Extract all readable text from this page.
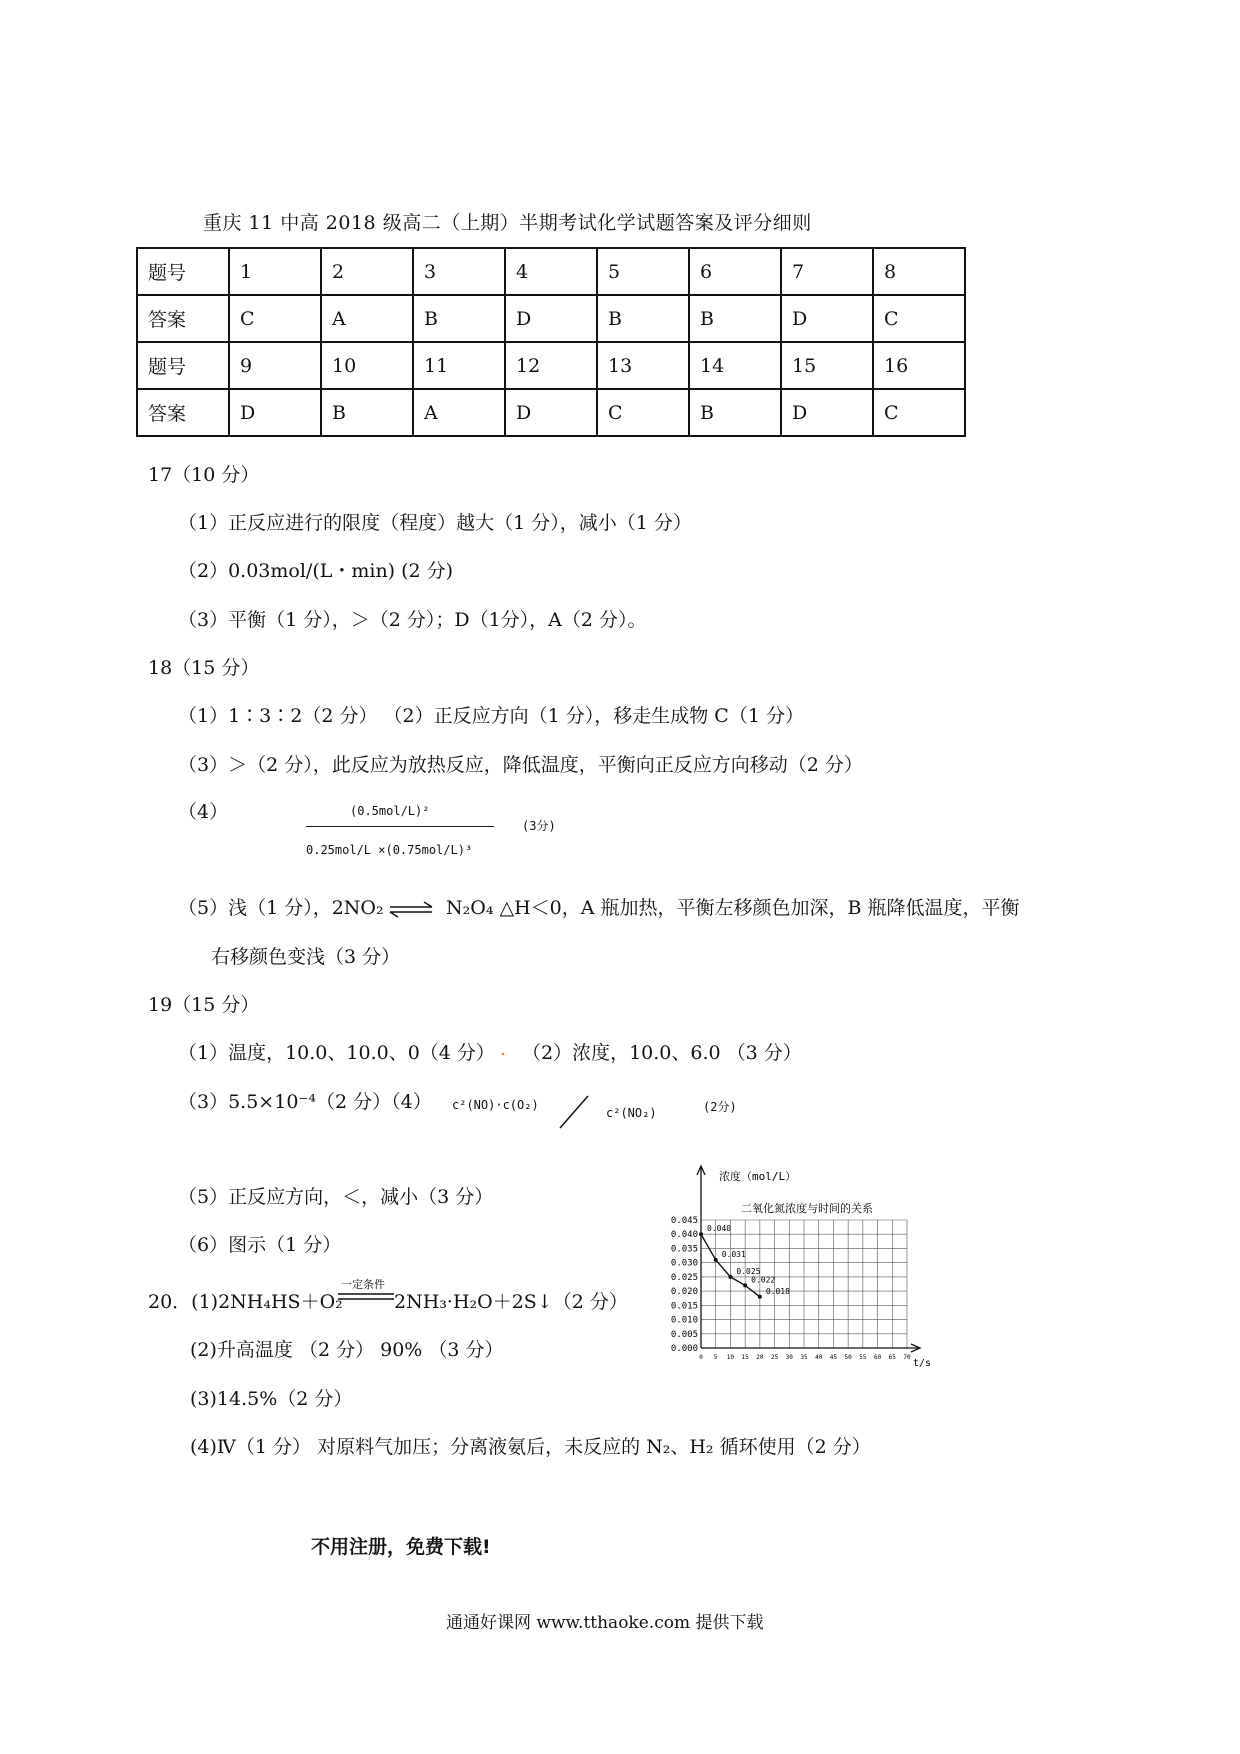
重庆 11 中高 2018 级高二（上期）半期考试化学试题答案及评分细则
题号	1	2	3	4	5	6	7	8
答案	C	A	B	D	B	B	D	C
题号	9	10	11	12	13	14	15	16
答案	D	B	A	D	C	B	D	C
17（10 分）
（1）正反应进行的限度（程度）越大（1 分），减小（1 分）
（2）0.03mol/(L・min) (2 分)
（3）平衡（1 分），＞（2 分）；D（1分），A（2 分）。
18（15 分）
（1）1∶3∶2（2 分） （2）正反应方向（1 分），移走生成物 C（1 分）
（3）＞（2 分），此反应为放热反应，降低温度，平衡向正反应方向移动（2 分）
（4）	(0.5mol/L)²
0.25mol/L ×(0.75mol/L)³
(3分)
（5）浅（1 分），2NO₂ ⇌ N₂O₄ △H＜0，A 瓶加热，平衡左移颜色加深，B 瓶降低温度，平衡
右移颜色变浅（3 分）
19（15 分）
（1）温度，10.0、10.0、0（4 分） . （2）浓度，10.0、6.0 （3 分）
（3）5.5×10⁻⁴（2 分）（4） c²(NO)·c(O₂)
c²(NO₂)	(2分)
（5）正反应方向，＜，减小（3 分）
（6）图示（1 分）
浓度（mol/L）
二氧化氮浓度与时间的关系
t/s
0.045
0.040
0.035
0.030
0.025
0.020
0.015
0.010
0.005
0.000
0 5 10 15 20 25 30 35 40 45 50 55 60 65 70
0.040
0.031
0.025
0.022
0.018
20．(1)2NH₄HS＋O₂
一定条件
2NH₃·H₂O＋2S↓（2 分）
(2)升高温度 （2 分） 90% （3 分）
(3)14.5%（2 分）
(4)Ⅳ（1 分） 对原料气加压；分离液氨后，未反应的 N₂、H₂ 循环使用（2 分）
不用注册，免费下载!
通通好课网 www.tthaoke.com 提供下载
